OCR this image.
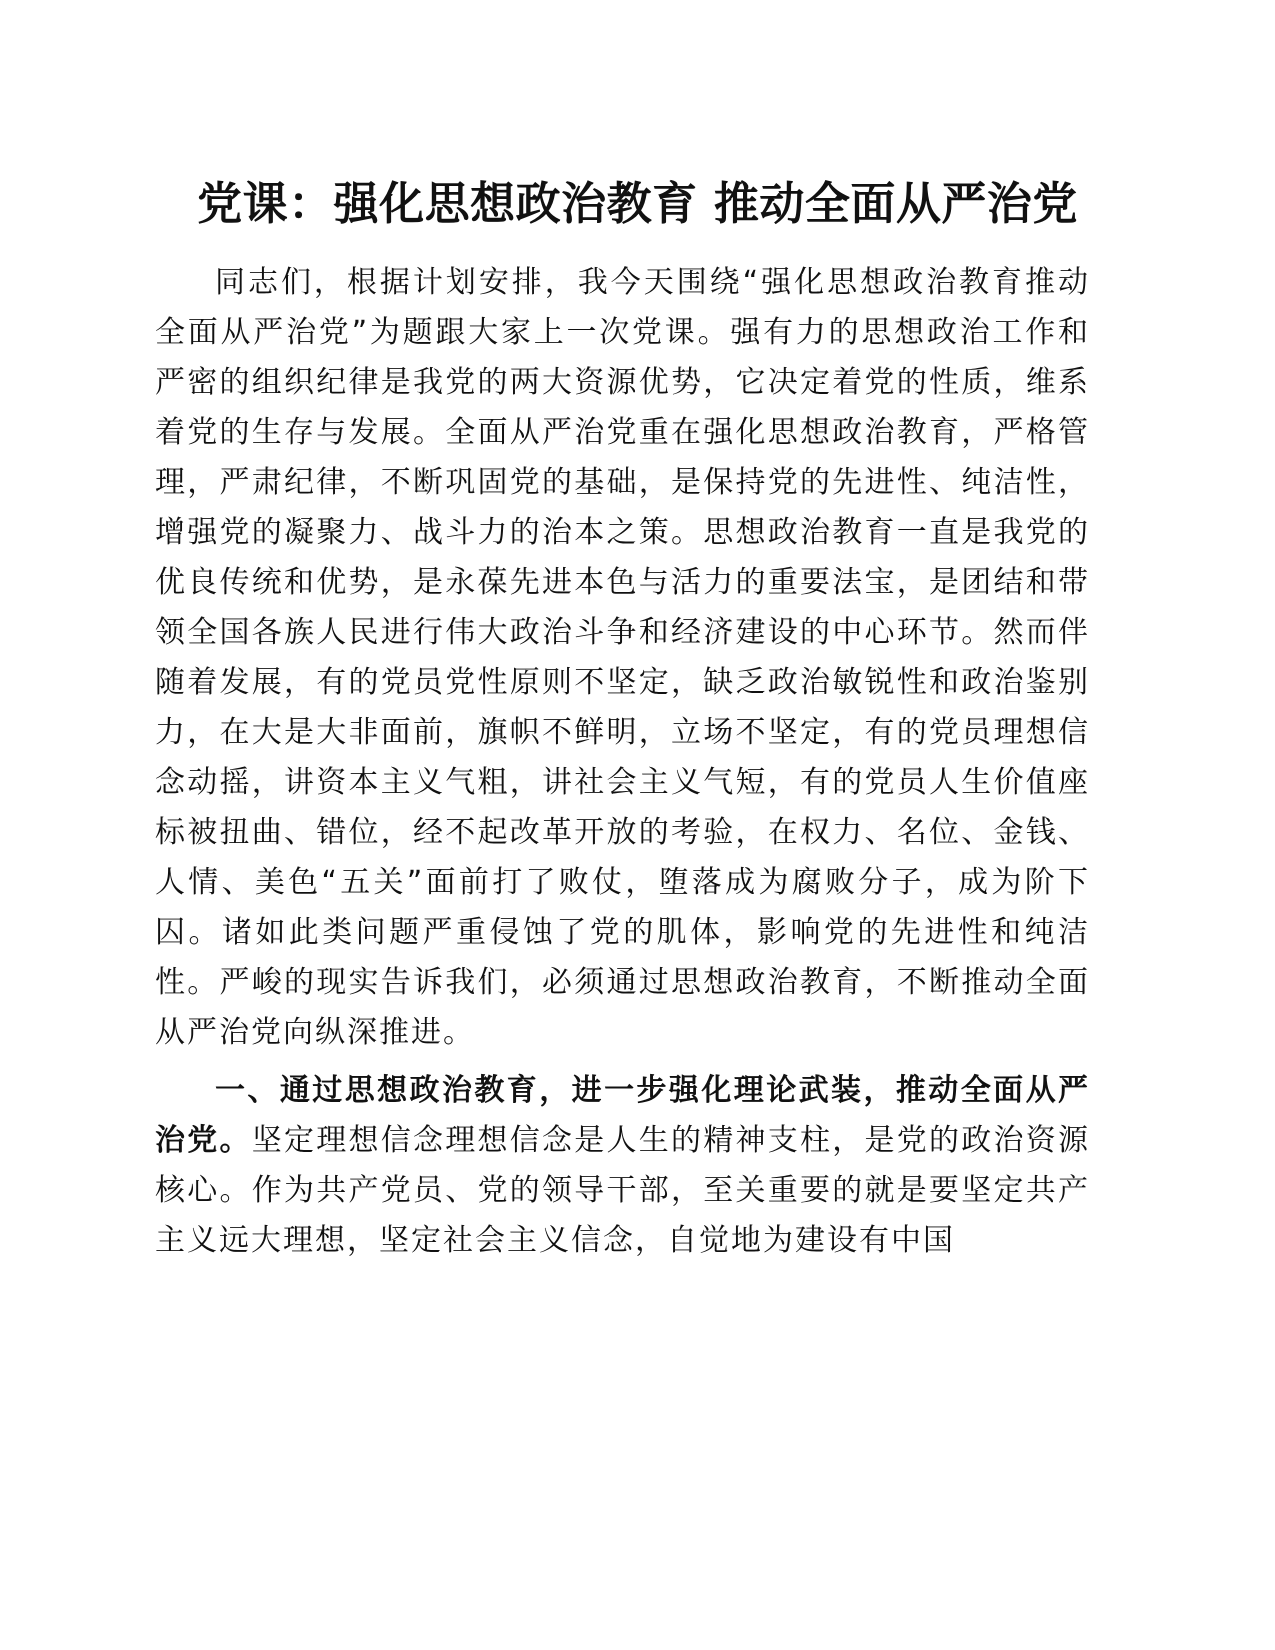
党课：强化思想政治教育 推动全面从严治党

同志们，根据计划安排，我今天围绕“强化思想政治教育推动全面从严治党”为题跟大家上一次党课。强有力的思想政治工作和严密的组织纪律是我党的两大资源优势，它决定着党的性质，维系着党的生存与发展。全面从严治党重在强化思想政治教育，严格管理，严肃纪律，不断巩固党的基础，是保持党的先进性、纯洁性，增强党的凝聚力、战斗力的治本之策。思想政治教育一直是我党的优良传统和优势，是永葆先进本色与活力的重要法宝，是团结和带领全国各族人民进行伟大政治斗争和经济建设的中心环节。然而伴随着发展，有的党员党性原则不坚定，缺乏政治敏锐性和政治鉴别力，在大是大非面前，旗帜不鲜明，立场不坚定，有的党员理想信念动摇，讲资本主义气粗，讲社会主义气短，有的党员人生价值座标被扭曲、错位，经不起改革开放的考验，在权力、名位、金钱、人情、美色“五关”面前打了败仗，堕落成为腐败分子，成为阶下囚。诸如此类问题严重侵蚀了党的肌体，影响党的先进性和纯洁性。严峻的现实告诉我们，必须通过思想政治教育，不断推动全面从严治党向纵深推进。

一、通过思想政治教育，进一步强化理论武装，推动全面从严治党。坚定理想信念理想信念是人生的精神支柱，是党的政治资源核心。作为共产党员、党的领导干部，至关重要的就是要坚定共产主义远大理想，坚定社会主义信念，自觉地为建设有中国
